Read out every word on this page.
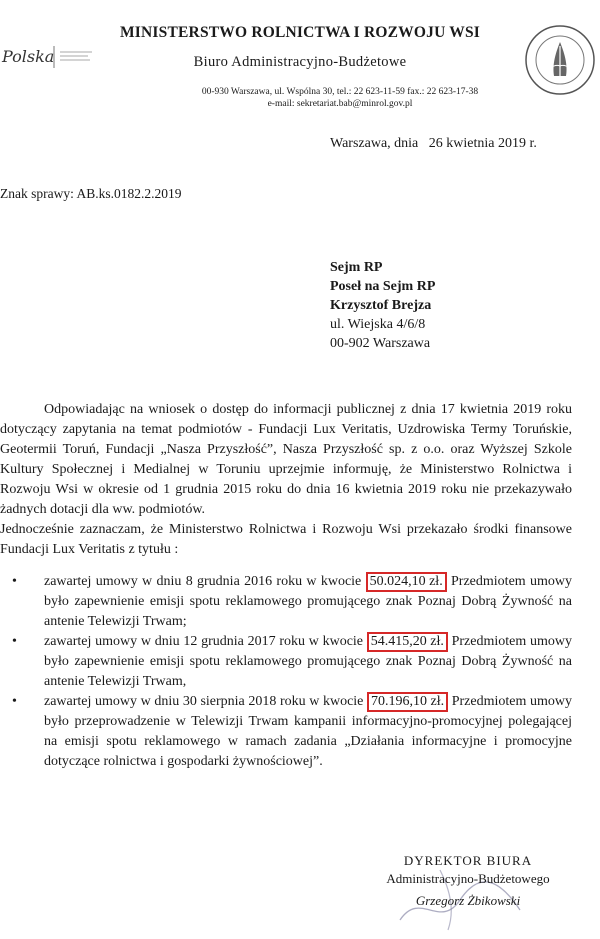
Polska
MINISTERSTWO ROLNICTWA I ROZWOJU WSI
Biuro Administracyjno-Budżetowe
00-930 Warszawa, ul. Wspólna 30, tel.: 22 623-11-59 fax.: 22 623-17-38
e-mail: sekretariat.bab@minrol.gov.pl
Warszawa, dnia   26 kwietnia 2019 r.
Znak sprawy: AB.ks.0182.2.2019
Sejm RP
Poseł na Sejm RP
Krzysztof Brejza
ul. Wiejska 4/6/8
00-902 Warszawa
Odpowiadając na wniosek o dostęp do informacji publicznej z dnia 17 kwietnia 2019 roku dotyczący zapytania na temat podmiotów - Fundacji Lux Veritatis, Uzdrowiska Termy Toruńskie, Geotermii Toruń, Fundacji „Nasza Przyszłość”, Nasza Przyszłość sp. z o.o. oraz Wyższej Szkole Kultury Społecznej i Medialnej w Toruniu uprzejmie informuję, że Ministerstwo Rolnictwa i Rozwoju Wsi w okresie od 1 grudnia 2015 roku do dnia 16 kwietnia 2019 roku nie przekazywało żadnych dotacji dla ww. podmiotów.
Jednocześnie zaznaczam, że Ministerstwo Rolnictwa i Rozwoju Wsi przekazało środki finansowe Fundacji Lux Veritatis z tytułu :
• zawartej umowy w dniu 8 grudnia 2016 roku w kwocie 50.024,10 zł. Przedmiotem umowy było zapewnienie emisji spotu reklamowego promującego znak Poznaj Dobrą Żywność na antenie Telewizji Trwam;
• zawartej umowy w dniu 12 grudnia 2017 roku w kwocie 54.415,20 zł. Przedmiotem umowy było zapewnienie emisji spotu reklamowego promującego znak Poznaj Dobrą Żywność na antenie Telewizji Trwam,
• zawartej umowy w dniu 30 sierpnia 2018 roku w kwocie 70.196,10 zł. Przedmiotem umowy było przeprowadzenie w Telewizji Trwam kampanii informacyjno-promocyjnej polegającej na emisji spotu reklamowego w ramach zadania „Działania informacyjne i promocyjne dotyczące rolnictwa i gospodarki żywnościowej”.
DYREKTOR BIURA
Administracyjno-Budżetowego
Grzegorz Żbikowski
